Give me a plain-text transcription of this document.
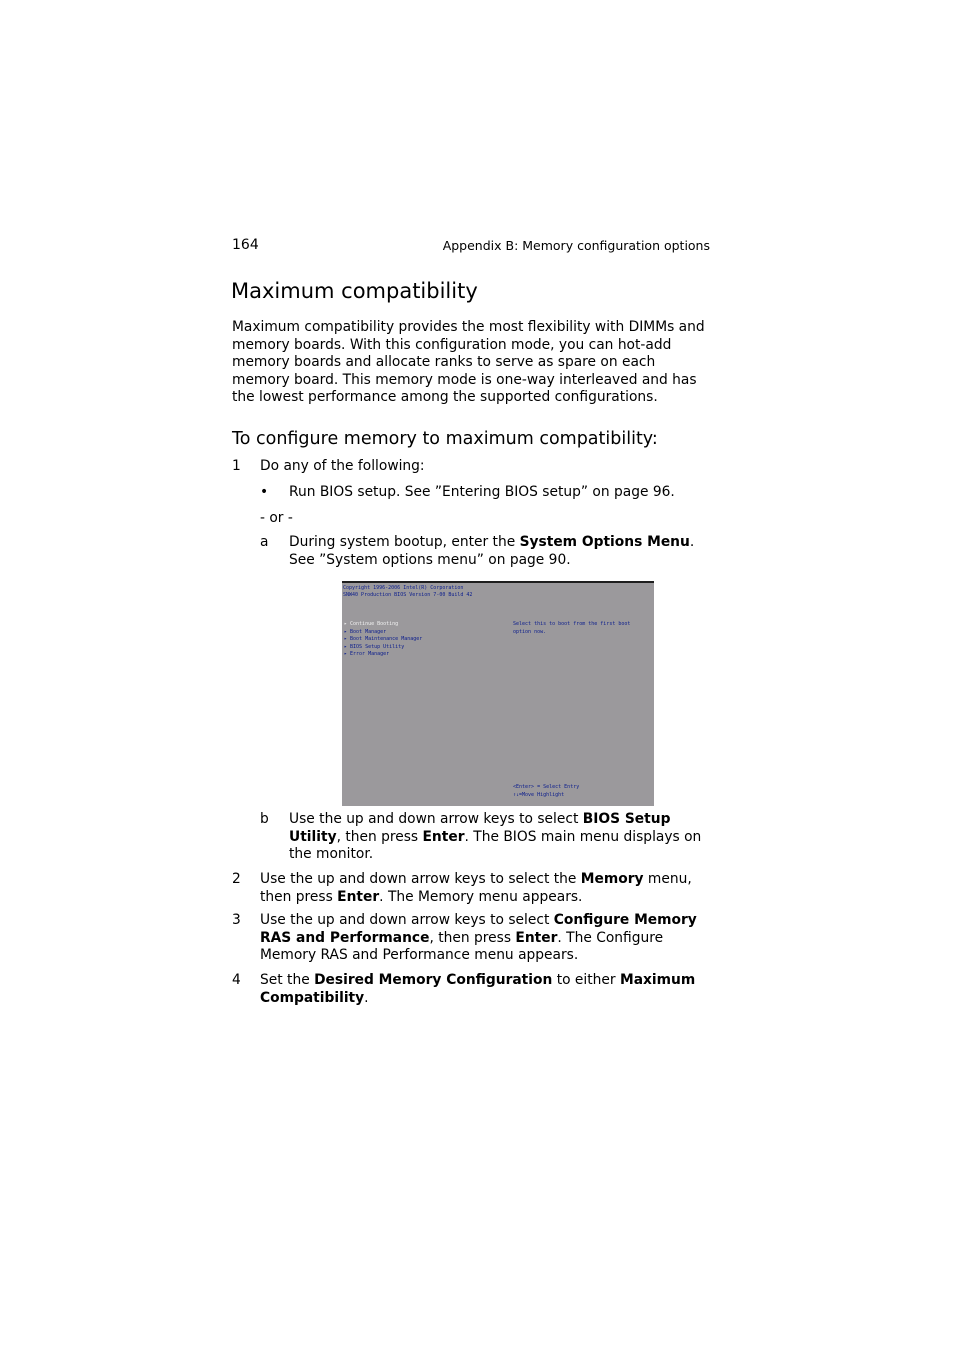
164	Appendix B: Memory configuration options
Maximum compatibility

Maximum compatibility provides the most flexibility with DIMMs and memory boards. With this configuration mode, you can hot-add memory boards and allocate ranks to serve as spare on each memory board. This memory mode is one-way interleaved and has the lowest performance among the supported configurations.

To configure memory to maximum compatibility:
1	Do any of the following:
•	Run BIOS setup. See ”Entering BIOS setup” on page 96.
- or -
a During system bootup, enter the System Options Menu. See ”System options menu” on page 90.

Copyright 1996-2006 Intel(R) Corporation
SNW40 Production BIOS Version 7-00 Build 42
▸ Continue Booting
▸ Boot Manager
▸ Boot Maintenance Manager
▸ BIOS Setup Utility
▸ Error Manager
Select this to boot from the first boot
option now.
<Enter> = Select Entry
↑↓=Move Highlight
b Use the up and down arrow keys to select BIOS Setup Utility, then press Enter. The BIOS main menu displays on the monitor.

2	Use the up and down arrow keys to select the Memory menu, then press Enter. The Memory menu appears.

3	Use the up and down arrow keys to select Configure Memory RAS and Performance, then press Enter. The Configure Memory RAS and Performance menu appears.

4	Set the Desired Memory Configuration to either Maximum Compatibility.
